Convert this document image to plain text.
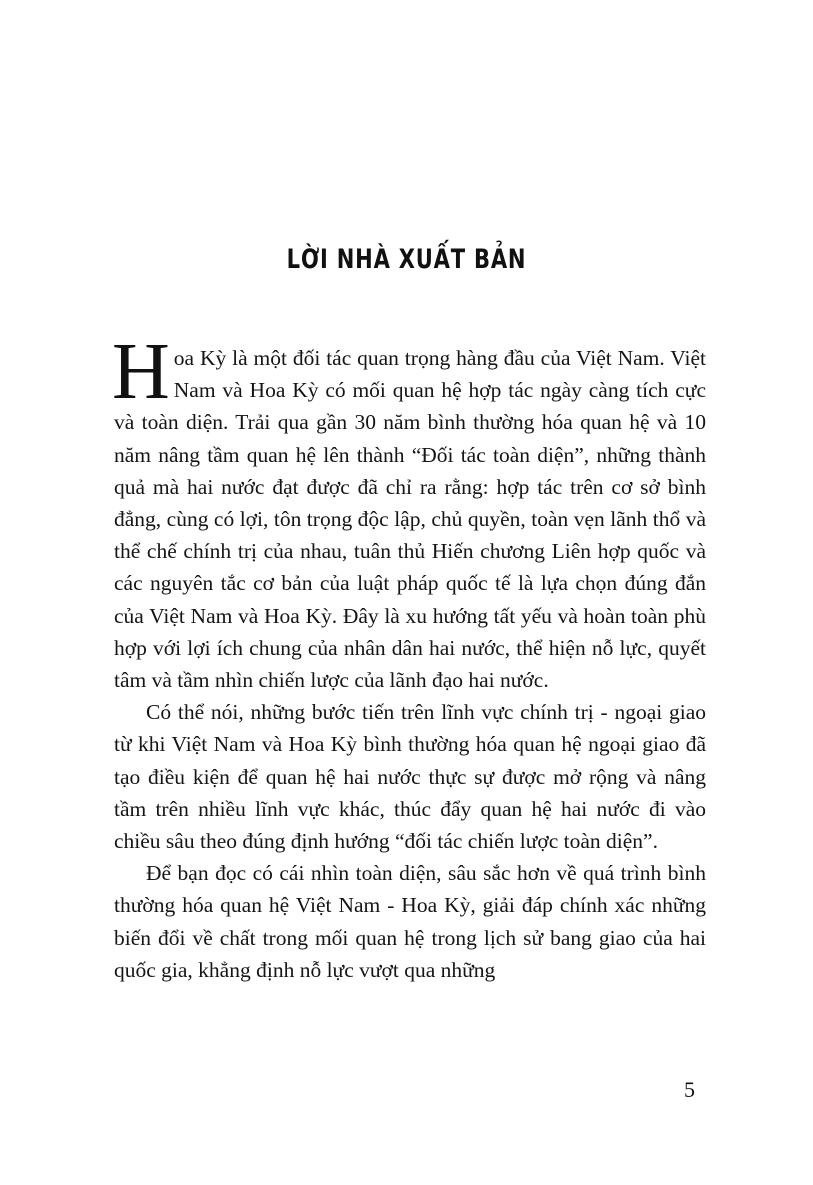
LỜI NHÀ XUẤT BẢN

Hoa Kỳ là một đối tác quan trọng hàng đầu của Việt Nam. Việt Nam và Hoa Kỳ có mối quan hệ hợp tác ngày càng tích cực và toàn diện. Trải qua gần 30 năm bình thường hóa quan hệ và 10 năm nâng tầm quan hệ lên thành “Đối tác toàn diện”, những thành quả mà hai nước đạt được đã chỉ ra rằng: hợp tác trên cơ sở bình đẳng, cùng có lợi, tôn trọng độc lập, chủ quyền, toàn vẹn lãnh thổ và thể chế chính trị của nhau, tuân thủ Hiến chương Liên hợp quốc và các nguyên tắc cơ bản của luật pháp quốc tế là lựa chọn đúng đắn của Việt Nam và Hoa Kỳ. Đây là xu hướng tất yếu và hoàn toàn phù hợp với lợi ích chung của nhân dân hai nước, thể hiện nỗ lực, quyết tâm và tầm nhìn chiến lược của lãnh đạo hai nước.

Có thể nói, những bước tiến trên lĩnh vực chính trị - ngoại giao từ khi Việt Nam và Hoa Kỳ bình thường hóa quan hệ ngoại giao đã tạo điều kiện để quan hệ hai nước thực sự được mở rộng và nâng tầm trên nhiều lĩnh vực khác, thúc đẩy quan hệ hai nước đi vào chiều sâu theo đúng định hướng “đối tác chiến lược toàn diện”.

Để bạn đọc có cái nhìn toàn diện, sâu sắc hơn về quá trình bình thường hóa quan hệ Việt Nam - Hoa Kỳ, giải đáp chính xác những biến đổi về chất trong mối quan hệ trong lịch sử bang giao của hai quốc gia, khẳng định nỗ lực vượt qua những

5
